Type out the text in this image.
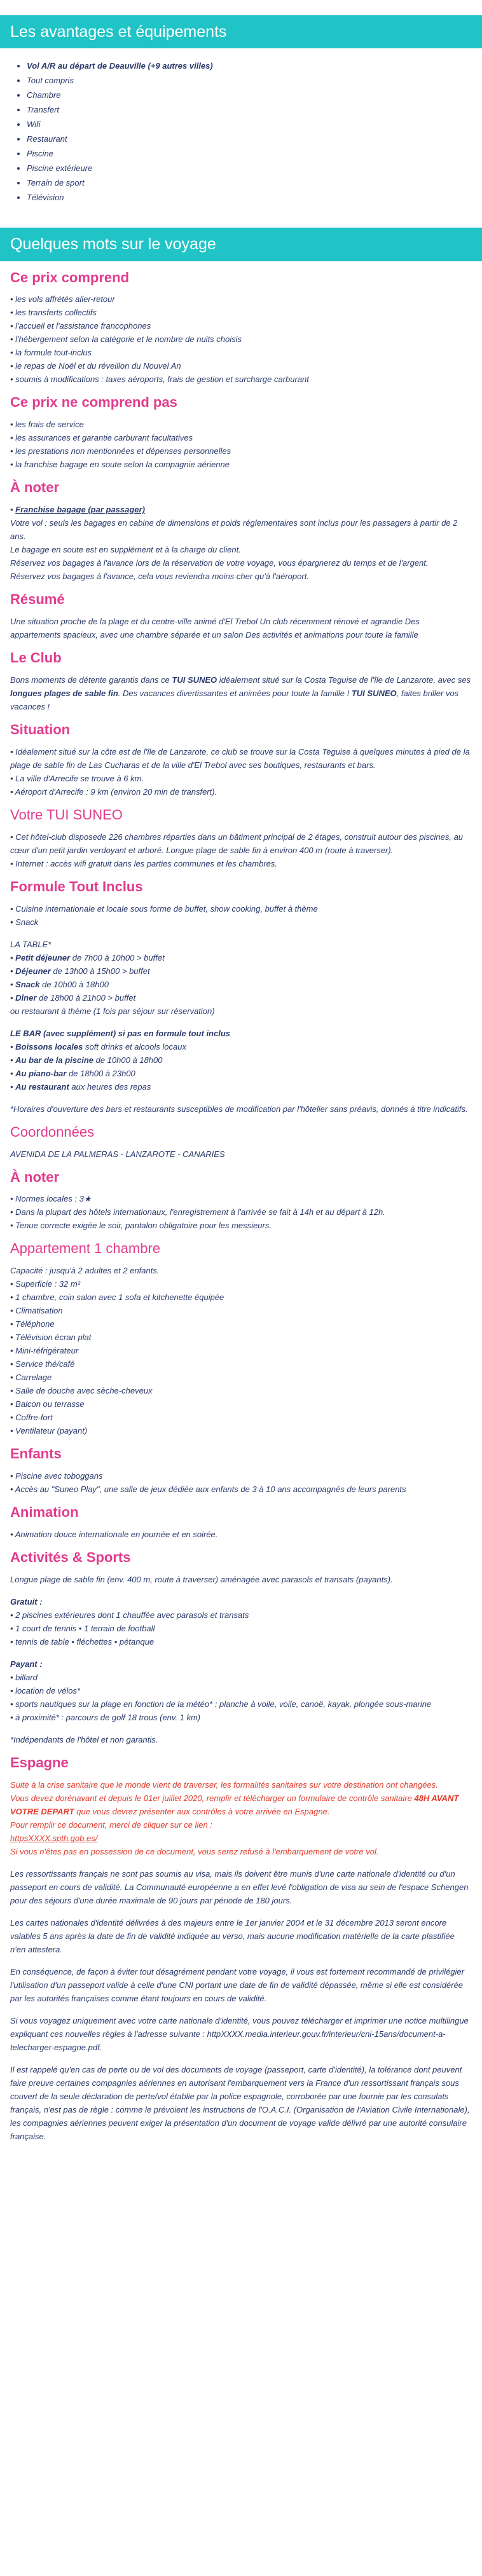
Les avantages et équipements
• Vol A/R au départ de Deauville (+9 autres villes)
• Tout compris
• Chambre
• Transfert
• Wifi
• Restaurant
• Piscine
• Piscine extérieure
• Terrain de sport
• Télévision
Quelques mots sur le voyage
Ce prix comprend
• les vols affrétés aller-retour
• les transferts collectifs
• l'accueil et l'assistance francophones
• l'hébergement selon la catégorie et le nombre de nuits choisis
• la formule tout-inclus
• le repas de Noël et du réveillon du Nouvel An
• soumis à modifications : taxes aéroports, frais de gestion et surcharge carburant
Ce prix ne comprend pas
• les frais de service
• les assurances et garantie carburant facultatives
• les prestations non mentionnées et dépenses personnelles
• la franchise bagage en soute selon la compagnie aérienne
À noter
• Franchise bagage (par passager)
Votre vol : seuls les bagages en cabine de dimensions et poids réglementaires sont inclus pour les passagers à partir de 2 ans.
Le bagage en soute est en supplément et à la charge du client.
Réservez vos bagages à l'avance lors de la réservation de votre voyage, vous épargnerez du temps et de l'argent.
Réservez vos bagages à l'avance, cela vous reviendra moins cher qu'à l'aéroport.
Résumé
Une situation proche de la plage et du centre-ville animé d'El Trebol Un club récemment rénové et agrandie Des appartements spacieux, avec une chambre séparée et un salon Des activités et animations pour toute la famille
Le Club
Bons moments de détente garantis dans ce TUI SUNEO idéalement situé sur la Costa Teguise de l'île de Lanzarote, avec ses longues plages de sable fin. Des vacances divertissantes et animées pour toute la famille ! TUI SUNEO, faites briller vos vacances !
Situation
• Idéalement situé sur la côte est de l'île de Lanzarote, ce club se trouve sur la Costa Teguise à quelques minutes à pied de la plage de sable fin de Las Cucharas et de la ville d'El Trebol avec ses boutiques, restaurants et bars.
• La ville d'Arrecife se trouve à 6 km.
• Aéroport d'Arrecife : 9 km (environ 20 min de transfert).
Votre TUI SUNEO
• Cet hôtel-club disposede 226 chambres réparties dans un bâtiment principal de 2 étages, construit autour des piscines, au cœur d'un petit jardin verdoyant et arboré. Longue plage de sable fin à environ 400 m (route à traverser).
• Internet : accès wifi gratuit dans les parties communes et les chambres.
Formule Tout Inclus
• Cuisine internationale et locale sous forme de buffet, show cooking, buffet à thème
• Snack
LA TABLE*
• Petit déjeuner de 7h00 à 10h00 > buffet
• Déjeuner de 13h00 à 15h00 > buffet
• Snack de 10h00 à 18h00
• Dîner de 18h00 à 21h00 > buffet
ou restaurant à thème (1 fois par séjour sur réservation)
LE BAR (avec supplément) si pas en formule tout inclus
• Boissons locales soft drinks et alcools locaux
• Au bar de la piscine de 10h00 à 18h00
• Au piano-bar de 18h00 à 23h00
• Au restaurant aux heures des repas
*Horaires d'ouverture des bars et restaurants susceptibles de modification par l'hôtelier sans préavis, donnés à titre indicatifs.
Coordonnées
AVENIDA DE LA PALMERAS - LANZAROTE - CANARIES
À noter
• Normes locales : 3★
• Dans la plupart des hôtels internationaux, l'enregistrement à l'arrivée se fait à 14h et au départ à 12h.
• Tenue correcte exigée le soir, pantalon obligatoire pour les messieurs.
Appartement 1 chambre
Capacité : jusqu'à 2 adultes et 2 enfants.
• Superficie : 32 m²
• 1 chambre, coin salon avec 1 sofa et kitchenette équipée
• Climatisation
• Téléphone
• Télévision écran plat
• Mini-réfrigérateur
• Service thé/café
• Carrelage
• Salle de douche avec sèche-cheveux
• Balcon ou terrasse
• Coffre-fort
• Ventilateur (payant)
Enfants
• Piscine avec toboggans
• Accès au "Suneo Play", une salle de jeux dédiée aux enfants de 3 à 10 ans accompagnés de leurs parents
Animation
• Animation douce internationale en journée et en soirée.
Activités & Sports
Longue plage de sable fin (env. 400 m, route à traverser) aménagée avec parasols et transats (payants).
Gratuit :
• 2 piscines extérieures dont 1 chauffée avec parasols et transats
• 1 court de tennis • 1 terrain de football
• tennis de table • fléchettes • pétanque
Payant :
• billard
• location de vélos*
• sports nautiques sur la plage en fonction de la météo* : planche à voile, voile, canoë, kayak, plongée sous-marine
• à proximité* : parcours de golf 18 trous (env. 1 km)
*Indépendants de l'hôtel et non garantis.
Espagne
Suite à la crise sanitaire que le monde vient de traverser, les formalités sanitaires sur votre destination ont changées.
Vous devez dorénavant et depuis le 01er juillet 2020, remplir et télécharger un formulaire de contrôle sanitaire 48H AVANT VOTRE DEPART que vous devrez présenter aux contrôles à votre arrivée en Espagne.
Pour remplir ce document, merci de cliquer sur ce lien :
httpsXXXX.spth.gob.es/
Si vous n'êtes pas en possession de ce document, vous serez refusé à l'embarquement de votre vol.
Les ressortissants français ne sont pas soumis au visa, mais ils doivent être munis d'une carte nationale d'identité ou d'un passeport en cours de validité. La Communauté européenne a en effet levé l'obligation de visa au sein de l'espace Schengen pour des séjours d'une durée maximale de 90 jours par période de 180 jours.
Les cartes nationales d'identité délivrées à des majeurs entre le 1er janvier 2004 et le 31 décembre 2013 seront encore valables 5 ans après la date de fin de validité indiquée au verso, mais aucune modification matérielle de la carte plastifiée n'en attestera.
En conséquence, de façon à éviter tout désagrément pendant votre voyage, il vous est fortement recommandé de privilégier l'utilisation d'un passeport valide à celle d'une CNI portant une date de fin de validité dépassée, même si elle est considérée par les autorités françaises comme étant toujours en cours de validité.
Si vous voyagez uniquement avec votre carte nationale d'identité, vous pouvez télécharger et imprimer une notice multilingue expliquant ces nouvelles règles à l'adresse suivante : httpXXXX.media.interieur.gouv.fr/interieur/cni-15ans/document-a-telecharger-espagne.pdf.
Il est rappelé qu'en cas de perte ou de vol des documents de voyage (passeport, carte d'identité), la tolérance dont peuvent faire preuve certaines compagnies aériennes en autorisant l'embarquement vers la France d'un ressortissant français sous couvert de la seule déclaration de perte/vol établie par la police espagnole, corroborée par une fournie par les consulats français, n'est pas de règle : comme le prévoient les instructions de l'O.A.C.I. (Organisation de l'Aviation Civile Internationale), les compagnies aériennes peuvent exiger la présentation d'un document de voyage valide délivré par une autorité consulaire française.
